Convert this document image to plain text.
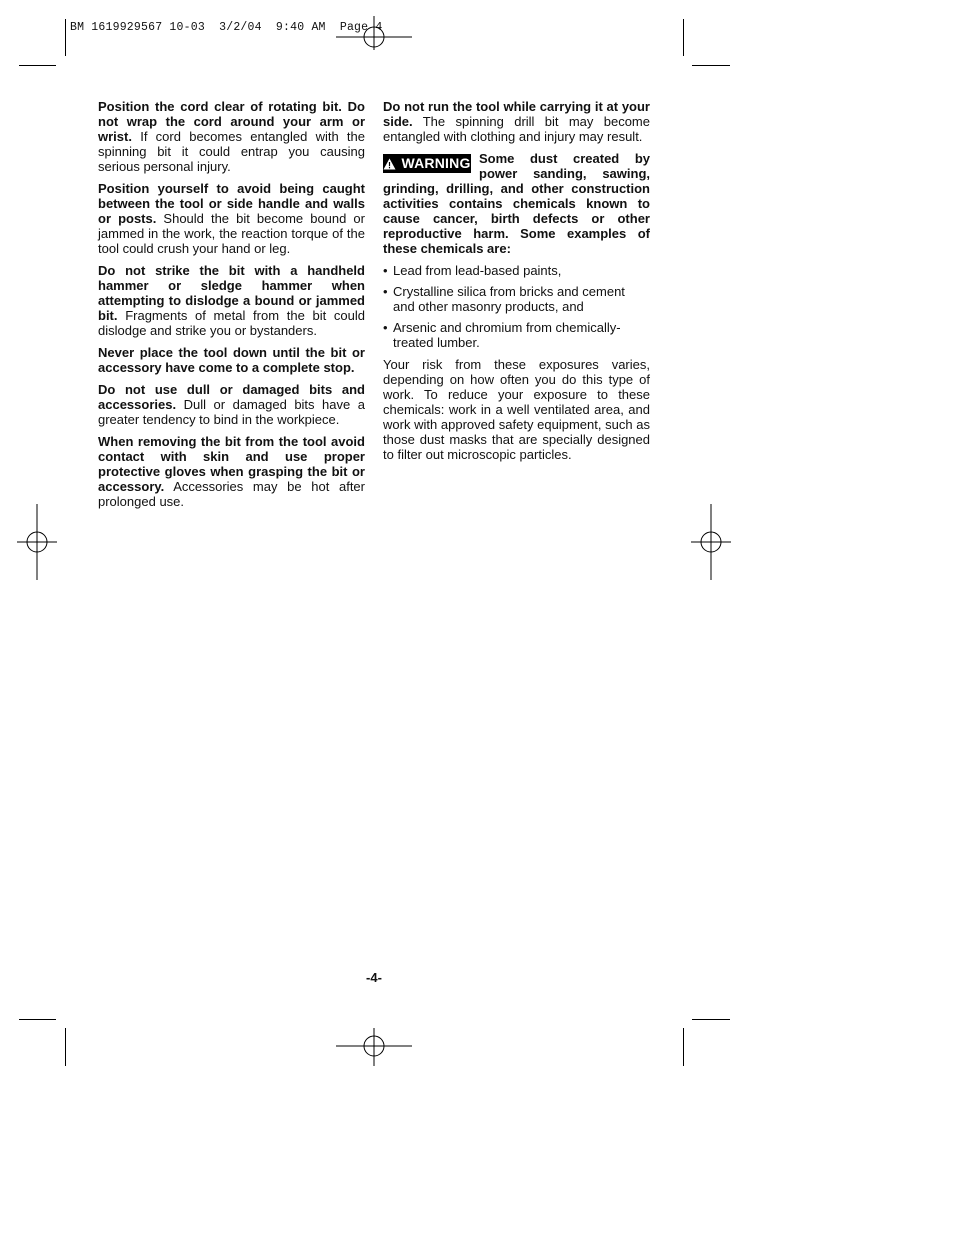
BM 1619929567 10-03  3/2/04  9:40 AM  Page 4

Position the cord clear of rotating bit. Do not wrap the cord around your arm or wrist. If cord becomes entangled with the spinning bit it could entrap you causing serious personal injury.

Position yourself to avoid being caught between the tool or side handle and walls or posts. Should the bit become bound or jammed in the work, the reaction torque of the tool could crush your hand or leg.

Do not strike the bit with a handheld hammer or sledge hammer when attempting to dislodge a bound or jammed bit. Fragments of metal from the bit could dislodge and strike you or bystanders.

Never place the tool down until the bit or accessory have come to a complete stop.

Do not use dull or damaged bits and accessories. Dull or damaged bits have a greater tendency to bind in the workpiece.

When removing the bit from the tool avoid contact with skin and use proper protective gloves when grasping the bit or accessory. Accessories may be hot after prolonged use.

Do not run the tool while carrying it at your side. The spinning drill bit may become entangled with clothing and injury may result.

WARNING Some dust created by power sanding, sawing, grinding, drilling, and other construction activities contains chemicals known to cause cancer, birth defects or other reproductive harm. Some examples of these chemicals are:
• Lead from lead-based paints,
• Crystalline silica from bricks and cement and other masonry products, and
• Arsenic and chromium from chemically-treated lumber.

Your risk from these exposures varies, depending on how often you do this type of work. To reduce your exposure to these chemicals: work in a well ventilated area, and work with approved safety equipment, such as those dust masks that are specially designed to filter out microscopic particles.

-4-
